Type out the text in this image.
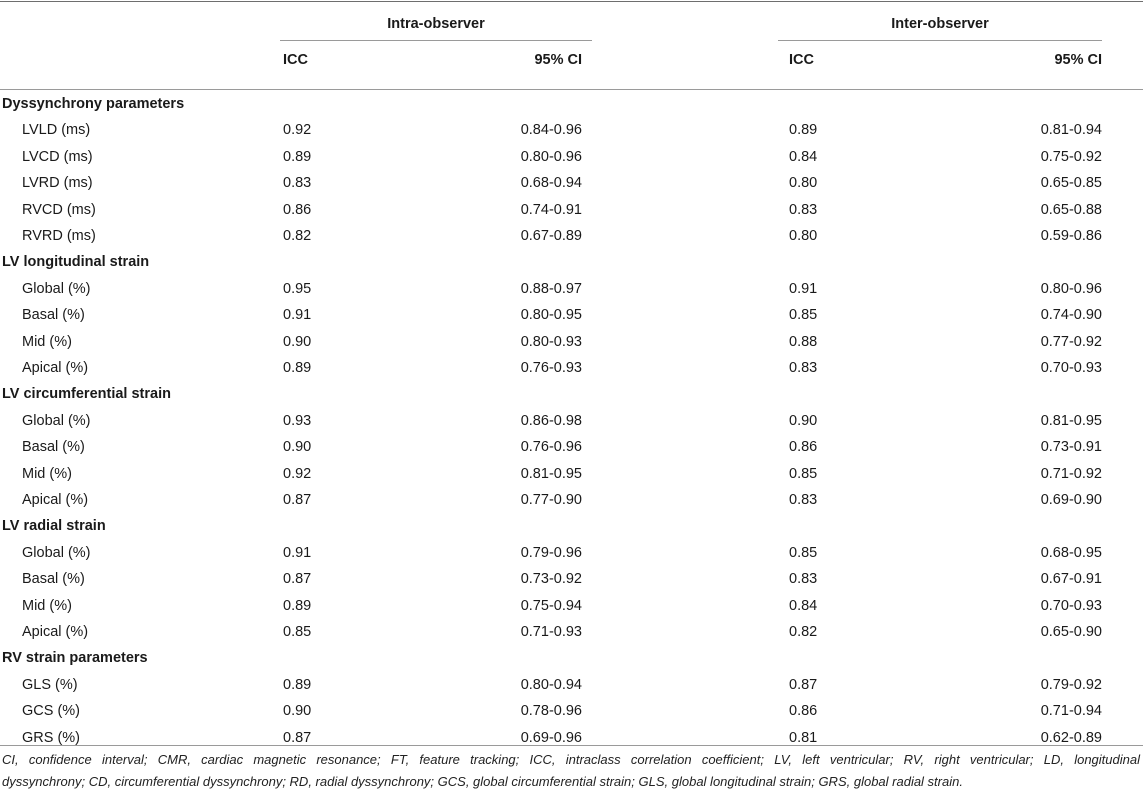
Intra-observer	Inter-observer
ICC	95% CI	ICC	95% CI
Dyssynchrony parameters
LVLD (ms)	0.92	0.84-0.96	0.89	0.81-0.94
LVCD (ms)	0.89	0.80-0.96	0.84	0.75-0.92
LVRD (ms)	0.83	0.68-0.94	0.80	0.65-0.85
RVCD (ms)	0.86	0.74-0.91	0.83	0.65-0.88
RVRD (ms)	0.82	0.67-0.89	0.80	0.59-0.86
LV longitudinal strain
Global (%)	0.95	0.88-0.97	0.91	0.80-0.96
Basal (%)	0.91	0.80-0.95	0.85	0.74-0.90
Mid (%)	0.90	0.80-0.93	0.88	0.77-0.92
Apical (%)	0.89	0.76-0.93	0.83	0.70-0.93
LV circumferential strain
Global (%)	0.93	0.86-0.98	0.90	0.81-0.95
Basal (%)	0.90	0.76-0.96	0.86	0.73-0.91
Mid (%)	0.92	0.81-0.95	0.85	0.71-0.92
Apical (%)	0.87	0.77-0.90	0.83	0.69-0.90
LV radial strain
Global (%)	0.91	0.79-0.96	0.85	0.68-0.95
Basal (%)	0.87	0.73-0.92	0.83	0.67-0.91
Mid (%)	0.89	0.75-0.94	0.84	0.70-0.93
Apical (%)	0.85	0.71-0.93	0.82	0.65-0.90
RV strain parameters
GLS (%)	0.89	0.80-0.94	0.87	0.79-0.92
GCS (%)	0.90	0.78-0.96	0.86	0.71-0.94
GRS (%)	0.87	0.69-0.96	0.81	0.62-0.89
CI, confidence interval; CMR, cardiac magnetic resonance; FT, feature tracking; ICC, intraclass correlation coefficient; LV, left ventricular; RV, right ventricular; LD, longitudinal
dyssynchrony; CD, circumferential dyssynchrony; RD, radial dyssynchrony; GCS, global circumferential strain; GLS, global longitudinal strain; GRS, global radial strain.
